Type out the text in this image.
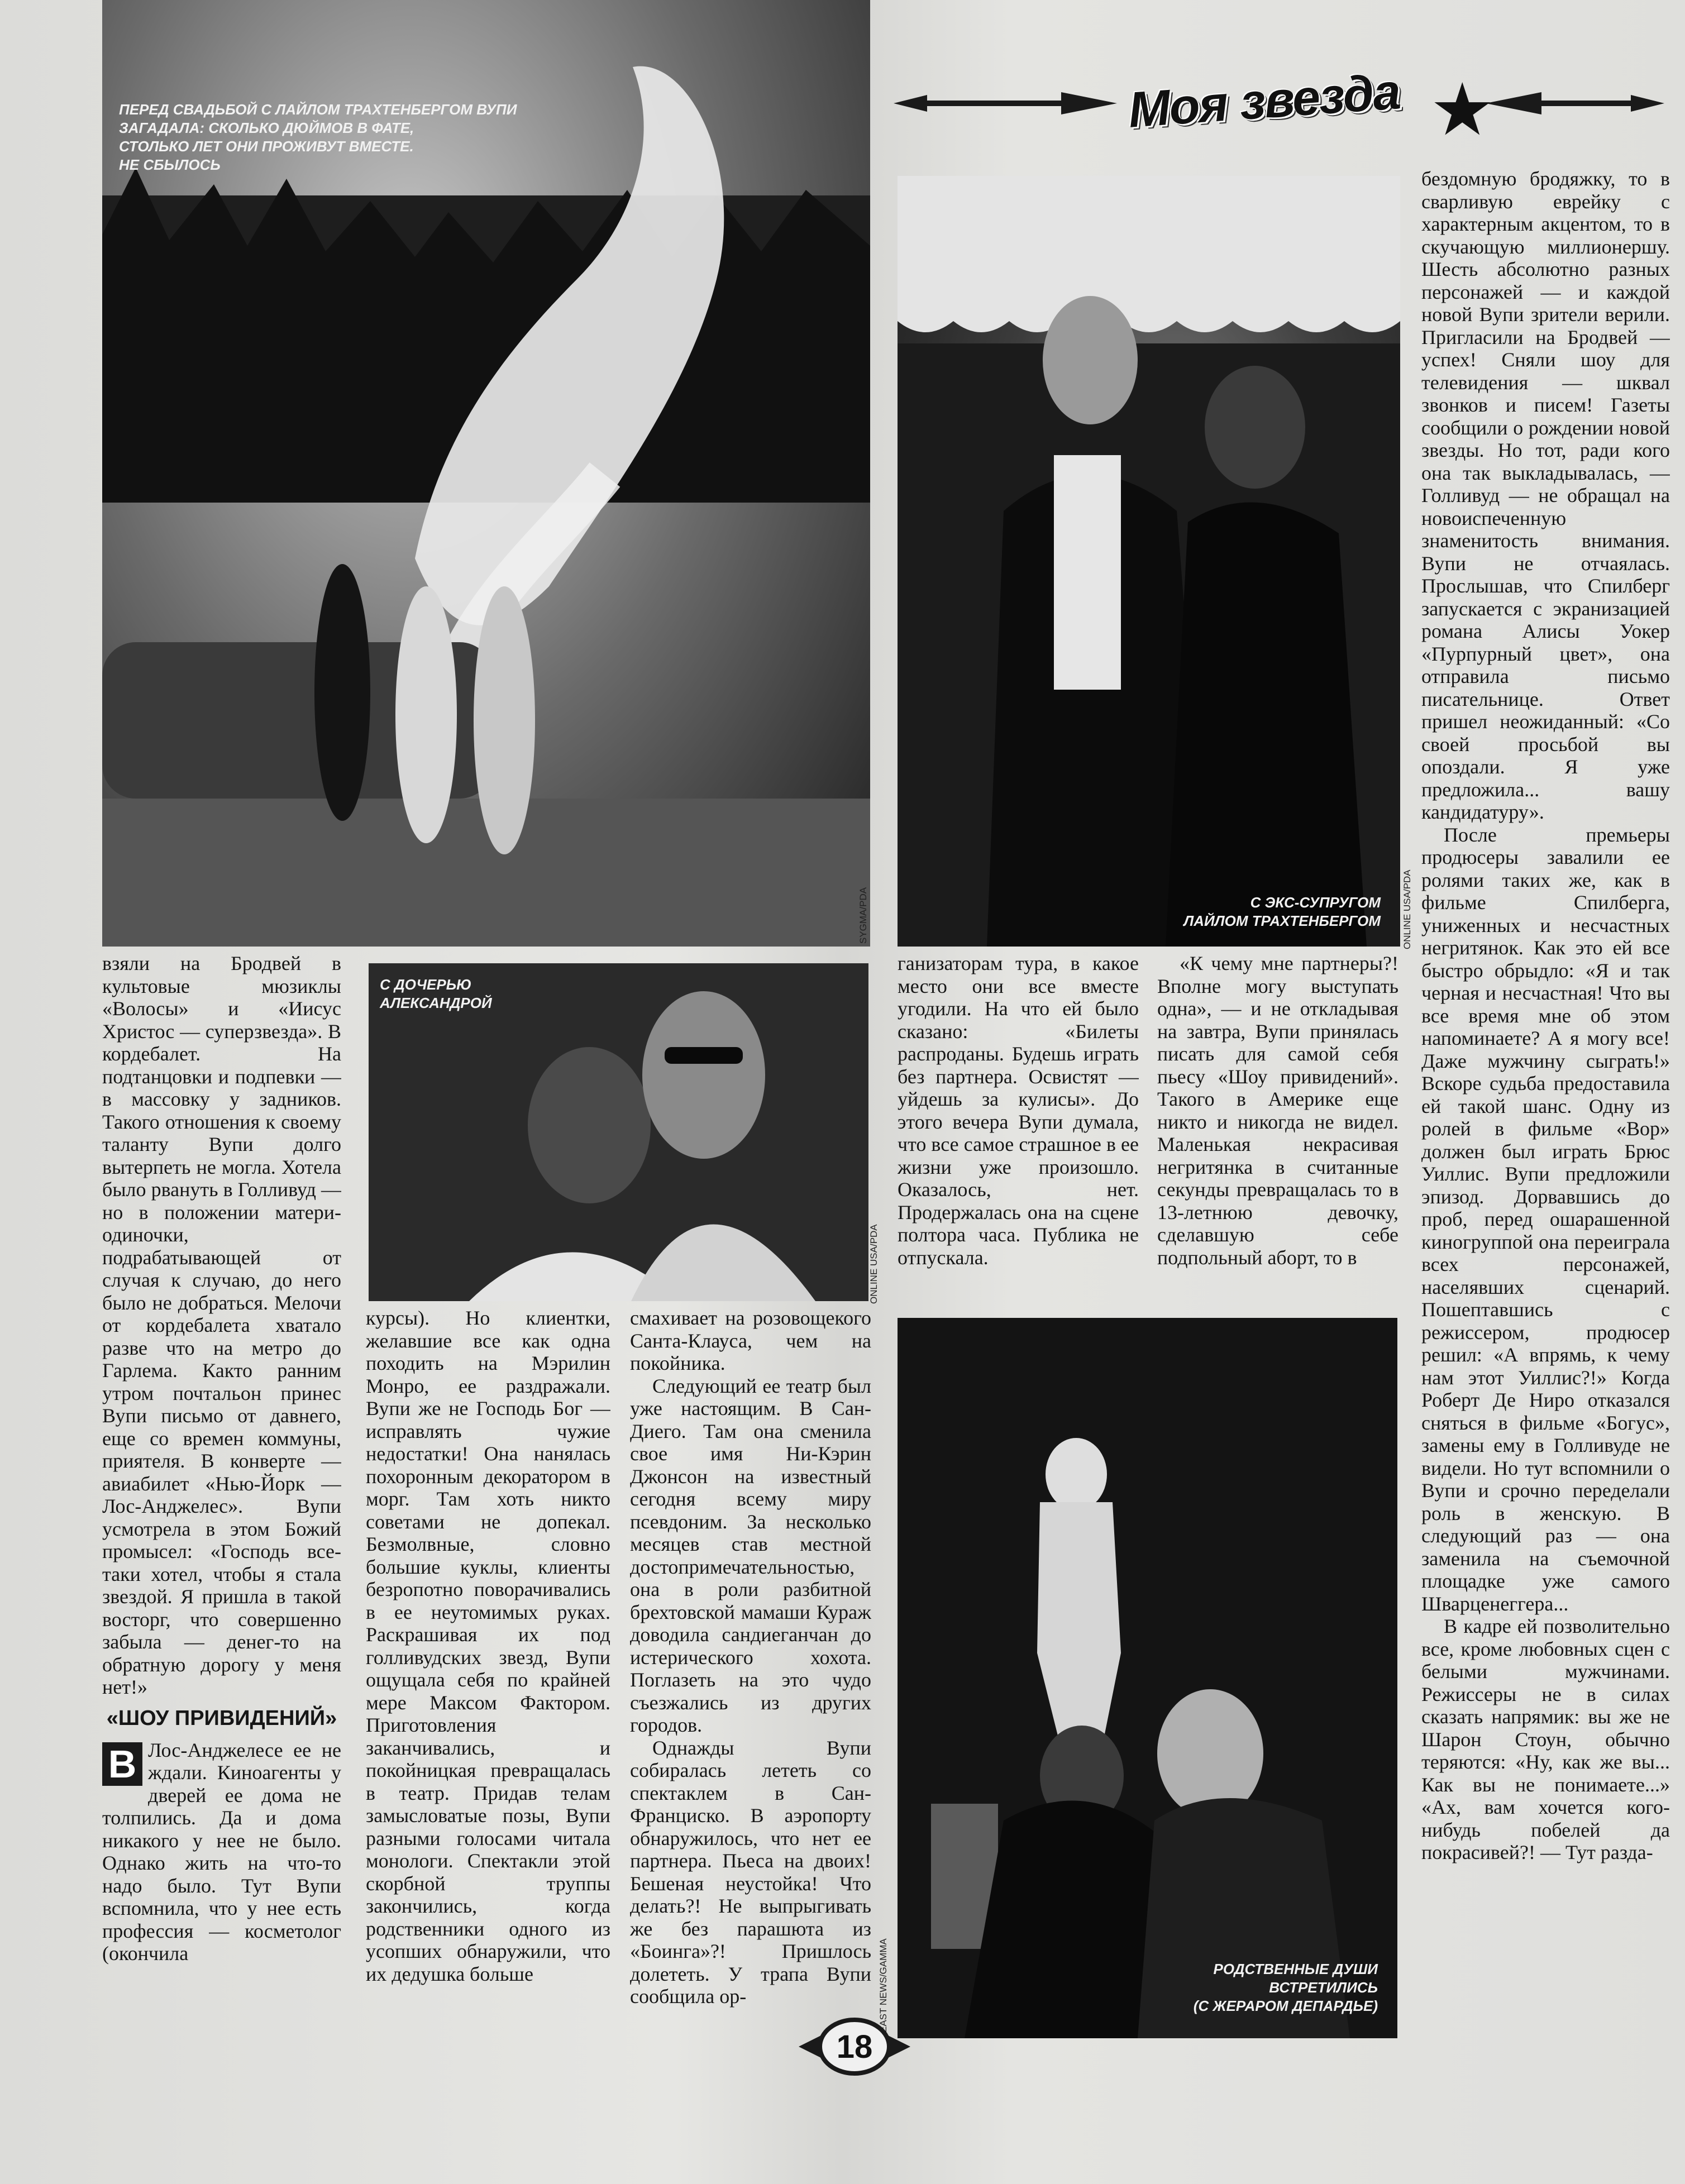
Моя звезда ★
ПЕРЕД СВАДЬБОЙ С ЛАЙЛОМ ТРАХТЕНБЕРГОМ ВУПИ
ЗАГАДАЛА: СКОЛЬКО ДЮЙМОВ В ФАТЕ,
СТОЛЬКО ЛЕТ ОНИ ПРОЖИВУТ ВМЕСТЕ.
НЕ СБЫЛОСЬ
SYGMA/PDA	С ЭКС-СУПРУГОМ
ЛАЙЛОМ ТРАХТЕНБЕРГОМ ONLINE USA/PDA
С ДОЧЕРЬЮ
АЛЕКСАНДРОЙ
ONLINE USA/PDA
РОДСТВЕННЫЕ ДУШИ
ВСТРЕТИЛИСЬ
(С ЖЕРАРОМ ДЕПАРДЬЕ)
EAST NEWS/GAMMA

взяли на Бродвей в культовые мюзиклы «Волосы» и «Иисус Христос — суперзвезда». В кордебалет. На подтанцовки и подпевки — в массовку у задников. Такого отношения к своему таланту Вупи долго вытерпеть не могла. Хотела было рвануть в Голливуд — но в положении матери-одиночки, подрабатывающей от случая к случаю, до него было не добраться. Мелочи от кордебалета хватало разве что на метро до Гарлема. Както ранним утром почтальон принес Вупи письмо от давнего, еще со времен коммуны, приятеля. В конверте — авиабилет «Нью-Йорк — Лос-Анджелес». Вупи усмотрела в этом Божий промысел: «Господь все-таки хотел, чтобы я стала звездой. Я пришла в такой восторг, что совершенно забыла — денег-то на обратную дорогу у меня нет!»

«ШОУ ПРИВИДЕНИЙ»

В Лос-Анджелесе ее не ждали. Киноагенты у дверей ее дома не толпились. Да и дома никакого у нее не было. Однако жить на что-то надо было. Тут Вупи вспомнила, что у нее есть профессия — косметолог (окончила

курсы). Но клиентки, желавшие все как одна походить на Мэрилин Монро, ее раздражали. Вупи же не Господь Бог — исправлять чужие недостатки! Она нанялась похоронным декоратором в морг. Там хоть никто советами не допекал. Безмолвные, словно большие куклы, клиенты безропотно поворачивались в ее неутомимых руках. Раскрашивая их под голливудских звезд, Вупи ощущала себя по крайней мере Максом Фактором. Приготовления заканчивались, и покойницкая превращалась в театр. Придав телам замысловатые позы, Вупи разными голосами читала монологи. Спектакли этой скорбной труппы закончились, когда родственники одного из усопших обнаружили, что их дедушка больше

смахивает на розовощекого Санта-Клауса, чем на покойника.

Следующий ее театр был уже настоящим. В Сан-Диего. Там она сменила свое имя Ни-Кэрин Джонсон на известный сегодня всему миру псевдоним. За несколько месяцев став местной достопримечательностью, она в роли разбитной брехтовской мамаши Кураж доводила сандиеганчан до истерического хохота. Поглазеть на это чудо съезжались из других городов.

Однажды Вупи собиралась лететь со спектаклем в Сан-Франциско. В аэропорту обнаружилось, что нет ее партнера. Пьеса на двоих! Бешеная неустойка! Что делать?! Не выпрыгивать же без парашюта из «Боинга»?! Пришлось долететь. У трапа Вупи сообщила ор-

ганизаторам тура, в какое место они все вместе угодили. На что ей было сказано: «Билеты распроданы. Будешь играть без партнера. Освистят — уйдешь за кулисы». До этого вечера Вупи думала, что все самое страшное в ее жизни уже произошло. Оказалось, нет. Продержалась она на сцене полтора часа. Публика не отпускала.

«К чему мне партнеры?! Вполне могу выступать одна», — и не откладывая на завтра, Вупи принялась писать для самой себя пьесу «Шоу привидений». Такого в Америке еще никто и никогда не видел. Маленькая некрасивая негритянка в считанные секунды превращалась то в 13-летнюю девочку, сделавшую себе подпольный аборт, то в

бездомную бродяжку, то в сварливую еврейку с характерным акцентом, то в скучающую миллионершу. Шесть абсолютно разных персонажей — и каждой новой Вупи зрители верили. Пригласили на Бродвей — успех! Сняли шоу для телевидения — шквал звонков и писем! Газеты сообщили о рождении новой звезды. Но тот, ради кого она так выкладывалась, — Голливуд — не обращал на новоиспеченную знаменитость внимания. Вупи не отчаялась. Прослышав, что Спилберг запускается с экранизацией романа Алисы Уокер «Пурпурный цвет», она отправила письмо писательнице. Ответ пришел неожиданный: «Со своей просьбой вы опоздали. Я уже предложила... вашу кандидатуру».

После премьеры продюсеры завалили ее ролями таких же, как в фильме Спилберга, униженных и несчастных негритянок. Как это ей все быстро обрыдло: «Я и так черная и несчастная! Что вы все время мне об этом напоминаете? А я могу все! Даже мужчину сыграть!» Вскоре судьба предоставила ей такой шанс. Одну из ролей в фильме «Вор» должен был играть Брюс Уиллис. Вупи предложили эпизод. Дорвавшись до проб, перед ошарашенной киногруппой она переиграла всех персонажей, населявших сценарий. Пошептавшись с режиссером, продюсер решил: «А впрямь, к чему нам этот Уиллис?!» Когда Роберт Де Ниро отказался сняться в фильме «Богус», замены ему в Голливуде не видели. Но тут вспомнили о Вупи и срочно переделали роль в женскую. В следующий раз — она заменила на съемочной площадке уже самого Шварценеггера...

В кадре ей позволительно все, кроме любовных сцен с белыми мужчинами. Режиссеры не в силах сказать напрямик: вы же не Шарон Стоун, обычно теряются: «Ну, как же вы... Как вы не понимаете...» «Ах, вам хочется кого-нибудь побелей да покрасивей?! — Тут разда-

18
